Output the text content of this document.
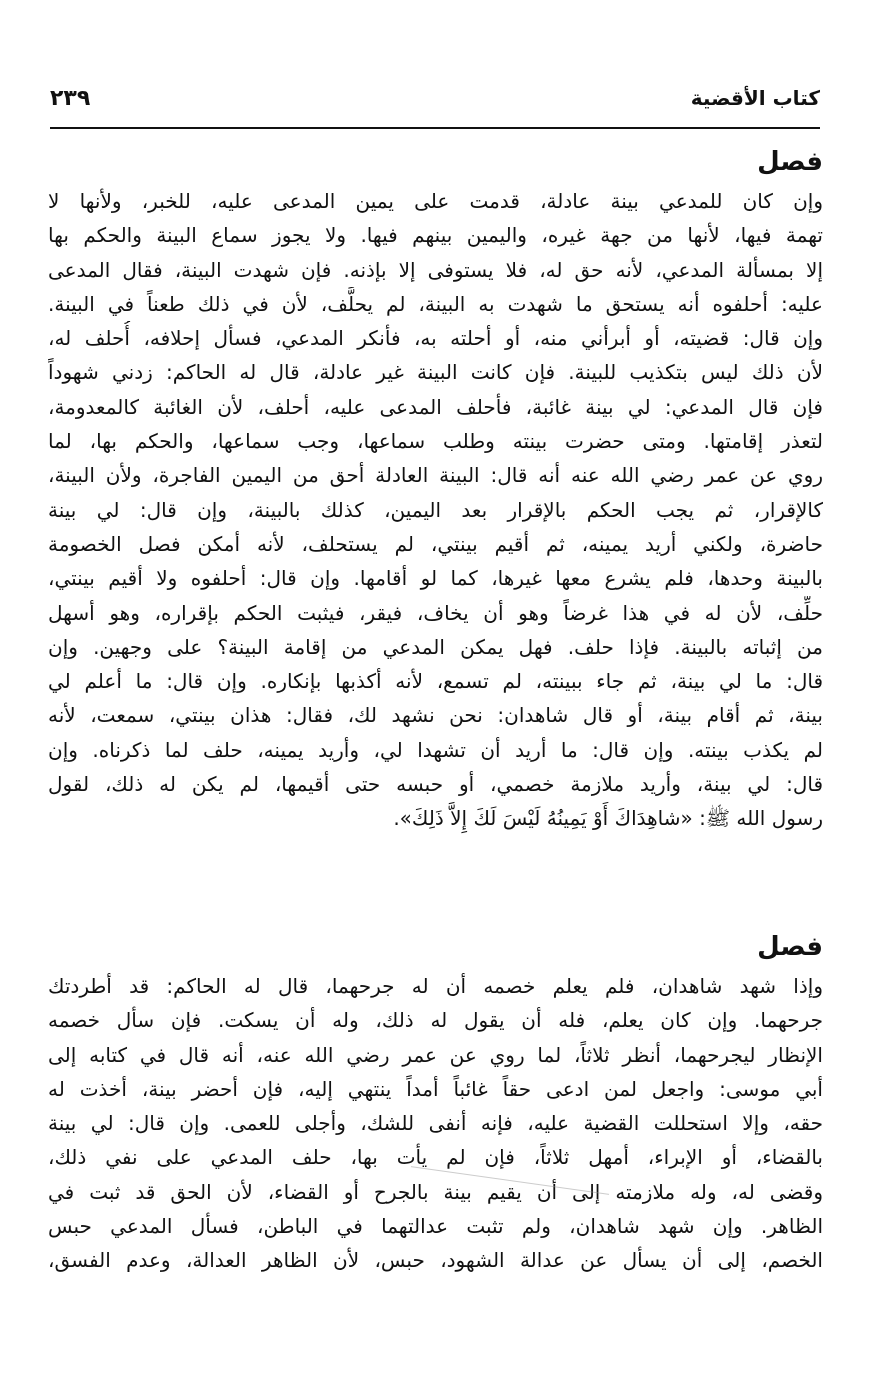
كتاب الأقضية
٢٣٩
فصل
وإن كان للمدعي بينة عادلة، قدمت على يمين المدعى عليه، للخبر، ولأنها لا
تهمة فيها، لأنها من جهة غيره، واليمين بينهم فيها. ولا يجوز سماع البينة والحكم بها
إلا بمسألة المدعي، لأنه حق له، فلا يستوفى إلا بإذنه. فإن شهدت البينة، فقال المدعى
عليه: أحلفوه أنه يستحق ما شهدت به البينة، لم يحلَّف، لأن في ذلك طعناً في البينة.
وإن قال: قضيته، أو أبرأني منه، أو أحلته به، فأنكر المدعي، فسأل إحلافه، أُحلف له،
لأن ذلك ليس بتكذيب للبينة. فإن كانت البينة غير عادلة، قال له الحاكم: زدني شهوداً
فإن قال المدعي: لي بينة غائبة، فأحلف المدعى عليه، أحلف، لأن الغائبة كالمعدومة،
لتعذر إقامتها. ومتى حضرت بينته وطلب سماعها، وجب سماعها، والحكم بها، لما
روي عن عمر رضي الله عنه أنه قال: البينة العادلة أحق من اليمين الفاجرة، ولأن البينة،
كالإقرار، ثم يجب الحكم بالإقرار بعد اليمين، كذلك بالبينة، وإن قال: لي بينة
حاضرة، ولكني أريد يمينه، ثم أقيم بينتي، لم يستحلف، لأنه أمكن فصل الخصومة
بالبينة وحدها، فلم يشرع معها غيرها، كما لو أقامها. وإن قال: أحلفوه ولا أقيم بينتي،
حلِّف، لأن له في هذا غرضاً وهو أن يخاف، فيقر، فيثبت الحكم بإقراره، وهو أسهل
من إثباته بالبينة. فإذا حلف. فهل يمكن المدعي من إقامة البينة؟ على وجهين. وإن
قال: ما لي بينة، ثم جاء ببينته، لم تسمع، لأنه أكذبها بإنكاره. وإن قال: ما أعلم لي
بينة، ثم أقام بينة، أو قال شاهدان: نحن نشهد لك، فقال: هذان بينتي، سمعت، لأنه
لم يكذب بينته. وإن قال: ما أريد أن تشهدا لي، وأريد يمينه، حلف لما ذكرناه. وإن
قال: لي بينة، وأريد ملازمة خصمي، أو حبسه حتى أقيمها، لم يكن له ذلك، لقول
رسول الله ﷺ: «شاهِدَاكَ أَوْ يَمِينُهُ لَيْسَ لَكَ إِلاَّ ذَلِكَ».
فصل
وإذا شهد شاهدان، فلم يعلم خصمه أن له جرحهما، قال له الحاكم: قد أطردتك
جرحهما. وإن كان يعلم، فله أن يقول له ذلك، وله أن يسكت. فإن سأل خصمه
الإنظار ليجرحهما، أنظر ثلاثاً، لما روي عن عمر رضي الله عنه، أنه قال في كتابه إلى
أبي موسى: واجعل لمن ادعى حقاً غائباً أمداً ينتهي إليه، فإن أحضر بينة، أخذت له
حقه، وإلا استحللت القضية عليه، فإنه أنفى للشك، وأجلى للعمى. وإن قال: لي بينة
بالقضاء، أو الإبراء، أمهل ثلاثاً، فإن لم يأت بها، حلف المدعي على نفي ذلك،
وقضى له، وله ملازمته إلى أن يقيم بينة بالجرح أو القضاء، لأن الحق قد ثبت في
الظاهر. وإن شهد شاهدان، ولم تثبت عدالتهما في الباطن، فسأل المدعي حبس
الخصم، إلى أن يسأل عن عدالة الشهود، حبس، لأن الظاهر العدالة، وعدم الفسق،
